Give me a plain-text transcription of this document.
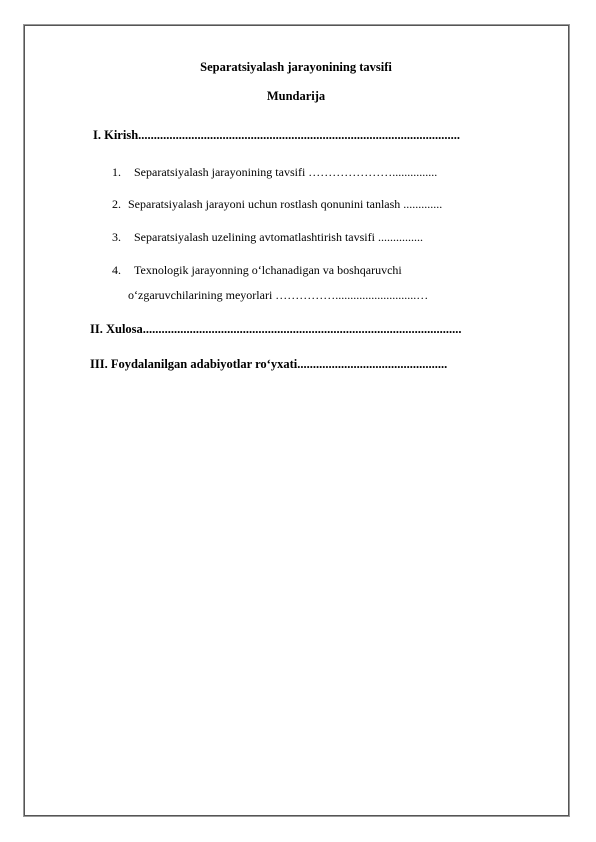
Separatsiyalash jarayonining tavsifi
Mundarija
I. Kirish.......................................................................................................
1. Separatsiyalash jarayonining tavsifi …………………...............
2. Separatsiyalash jarayoni uchun rostlash qonunini tanlash .............
3. Separatsiyalash uzelining avtomatlashtirish tavsifi ...............
4. Texnologik jarayonning o‘lchanadigan va boshqaruvchi
o‘zgaruvchilarining meyorlari ……………...........................…
II. Xulosa......................................................................................................
III. Foydalanilgan adabiyotlar ro‘yxati................................................
